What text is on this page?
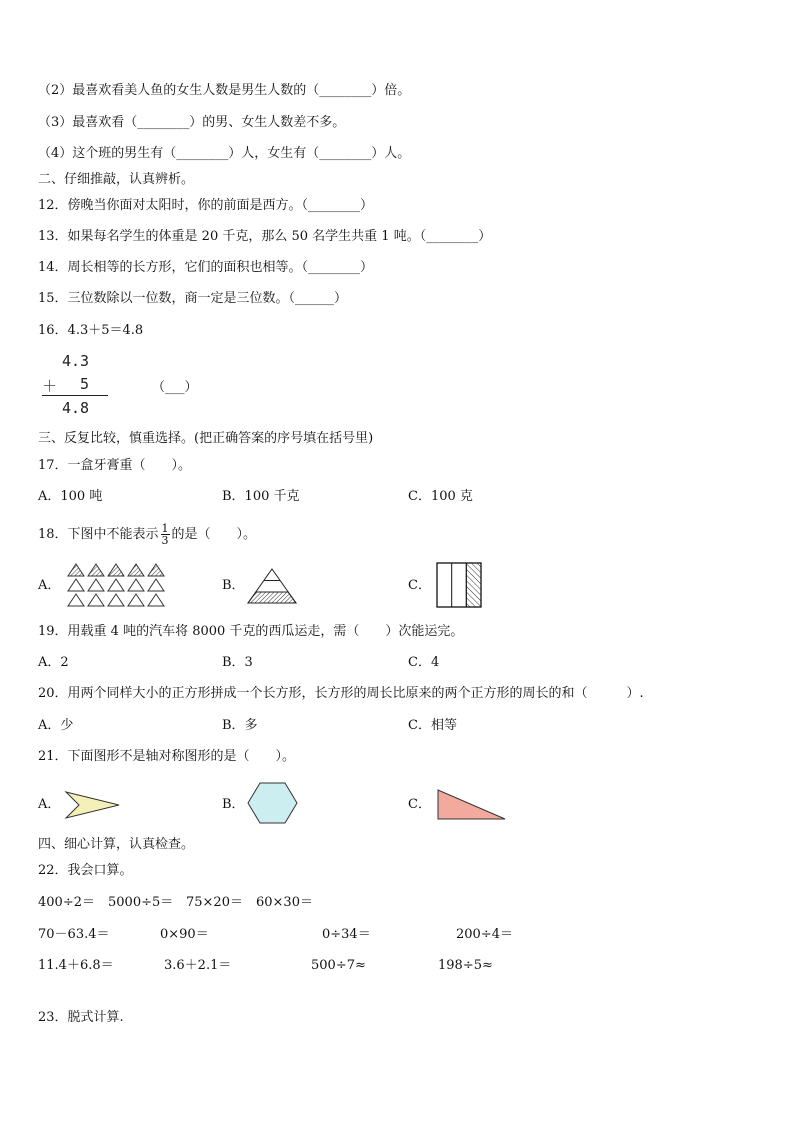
（2）最喜欢看美人鱼的女生人数是男生人数的（________）倍。
（3）最喜欢看（________）的男、女生人数差不多。
（4）这个班的男生有（________）人，女生有（________）人。
二、仔细推敲，认真辨析。
12．傍晚当你面对太阳时，你的前面是西方。（________）
13．如果每名学生的体重是 20 千克，那么 50 名学生共重 1 吨。（________）
14．周长相等的长方形，它们的面积也相等。（________）
15．三位数除以一位数，商一定是三位数。（______）
16．4.3＋5＝4.8
4.3
＋ 5
4.8
（___）
三、反复比较，慎重选择。(把正确答案的序号填在括号里)
17．一盒牙膏重（　　）。
A．100 吨	B．100 千克	C．100 克
18．下图中不能表示 $\frac{1}{3}$ 的是（　　）。
A．	B．	C．
19．用载重 4 吨的汽车将 8000 千克的西瓜运走，需（　　）次能运完。
A．2	B．3	C．4
20．用两个同样大小的正方形拼成一个长方形，长方形的周长比原来的两个正方形的周长的和（　　　）.
A．少	B．多	C．相等
21．下面图形不是轴对称图形的是（　　）。
A．	B．	C．
四、细心计算，认真检查。
22．我会口算。
400÷2＝ 5000÷5＝ 75×20＝ 60×30＝
70－63.4＝	0×90＝	0÷34＝	200÷4＝
11.4＋6.8＝	3.6＋2.1＝	500÷7≈	198÷5≈
23．脱式计算.
